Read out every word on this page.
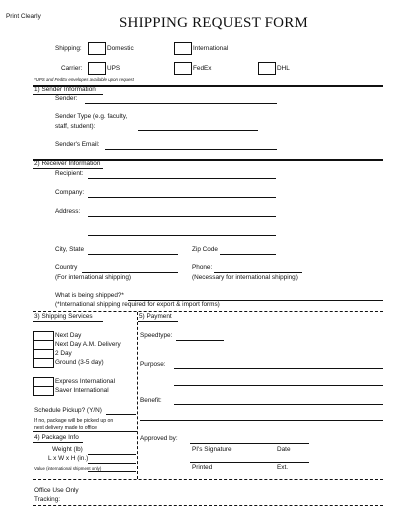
Print Clearly	SHIPPING REQUEST FORM
Shipping:	Domestic	International
Carrier:	UPS	FedEx	DHL
*UPS and FedEx envelopes available upon request
1) Sender Information
Sender:
Sender Type (e.g. faculty,
staff, student):
Sender's Email:
2) Receiver Information
Recipient:
Company:
Address:
City, State	Zip Code
Country
(For international shipping)
Phone:
(Necessary for international shipping)
What is being shipped?*
(*International shipping required for export & import forms)
3) Shipping Services
Next Day
Next Day A.M. Delivery
2 Day
Ground (3-5 day)
Express International
Saver International
Schedule Pickup? (Y/N)
If no, package will be picked up on
next delivery made to office
4) Package Info
Weight (lb)
L x W x H (in.)
Value (international shipment only)
5) Payment
Speedtype:
Purpose:
Benefit:
Approved by:
PI's Signature	Date
Printed	Ext.
Office Use Only
Tracking:
